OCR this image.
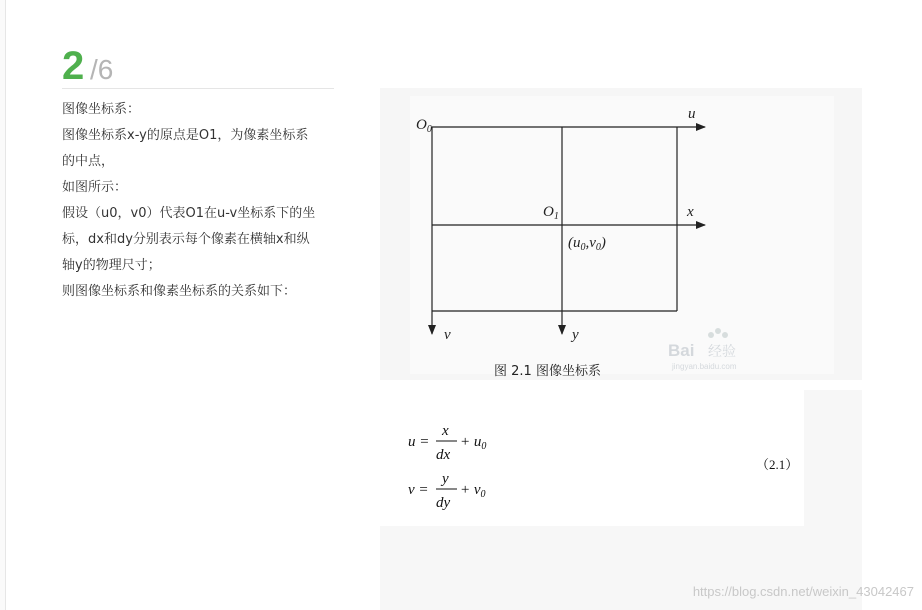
2 /6

图像坐标系：

图像坐标系x-y的原点是O1，为像素坐标系

的中点，

如图所示：

假设（u0，v0）代表O1在u-v坐标系下的坐

标，dx和dy分别表示每个像素在横轴x和纵

轴y的物理尺寸；

则图像坐标系和像素坐标系的关系如下：

$O_0$
$O_1$
u
x
v	y
$(u_0,v_0)$
图 2.1 图像坐标系
Bai 经验
jingyan.baidu.com
u =
x
dx
+ $u_0$
v =
y
dy
+ $v_0$
（2.1）
https://blog.csdn.net/weixin_43042467
